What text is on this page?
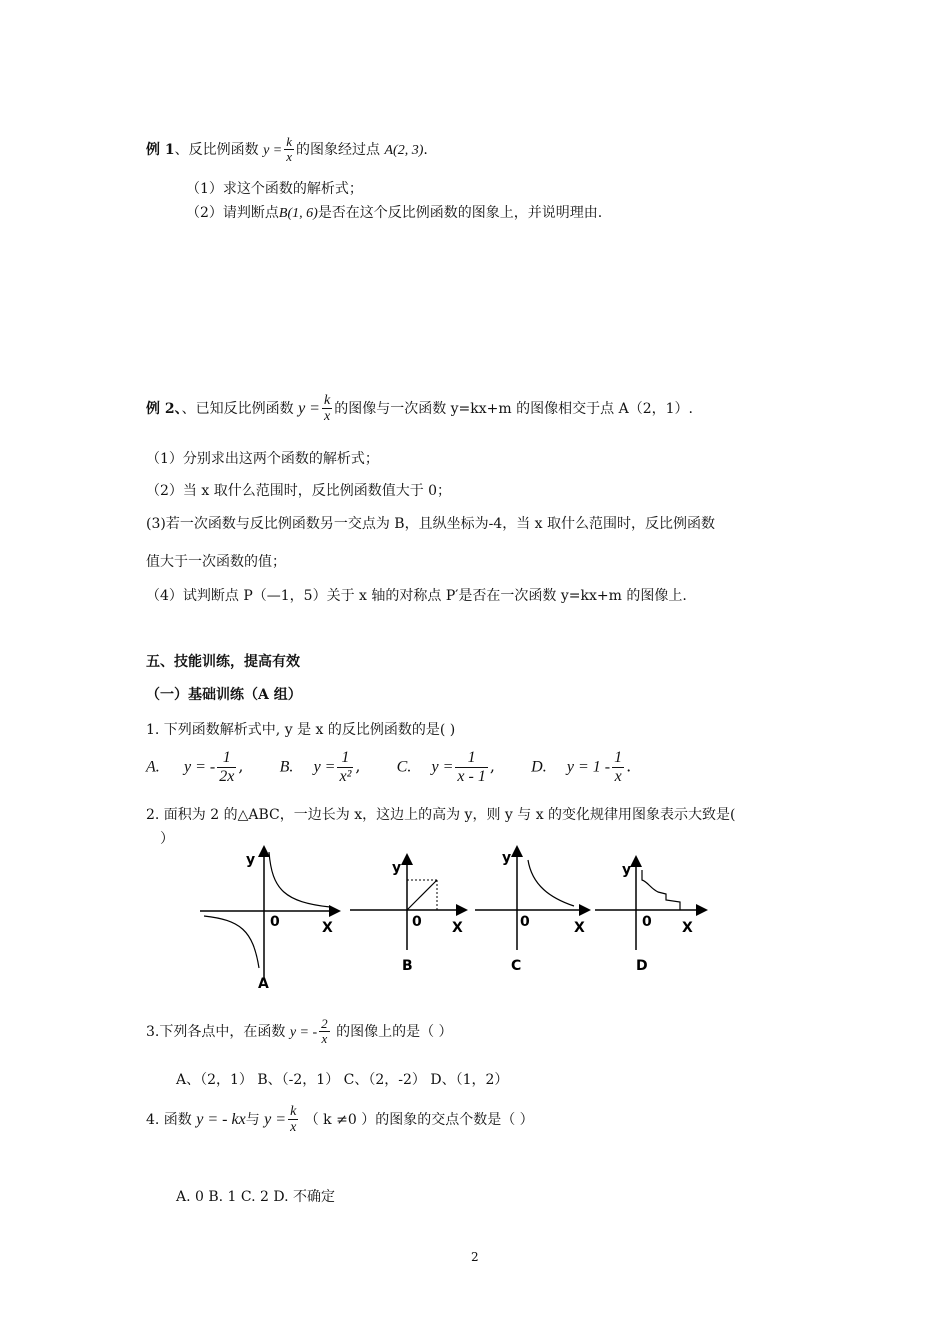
例 1、反比例函数 $y = \frac{k}{x}$ 的图象经过点 A(2, 3).
（1）求这个函数的解析式；
（2）请判断点B(1, 6)是否在这个反比例函数的图象上，并说明理由.
例 2、、已知反比例函数 $y = \frac{k}{x}$ 的图像与一次函数 y=kx+m 的图像相交于点 A（2，1）.
（1）分别求出这两个函数的解析式；
（2）当 x 取什么范围时，反比例函数值大于 0；
(3)若一次函数与反比例函数另一交点为 B，且纵坐标为-4，当 x 取什么范围时，反比例函数
值大于一次函数的值；
（4）试判断点 P（—1，5）关于 x 轴的对称点 P′是否在一次函数 y=kx+m 的图像上.
五、技能训练，提高有效
（一）基础训练（A 组）
1. 下列函数解析式中, y 是 x 的反比例函数的是( )
A. y = - $\frac{1}{2x}$ , B. $y = \frac{1}{\text{x²}}$ , C. $y = \frac{1}{x - 1}$ , D. $y = 1 - \frac{1}{x}$ .
2. 面积为 2 的△ABC，一边长为 x，这边上的高为 y，则 y 与 x 的变化规律用图象表示大致是(
）
y
0	X
A
y
0 X
B
y
0	X
C
y
0 X
D
3.下列各点中，在函数 y = - $\frac{2}{x}$ 的图像上的是（ ）
A、（2，1） B、（-2，1） C、（2，-2） D、（1，2）
4. 函数 y = - kx与 $y = \frac{k}{x}$ （ k ≠0 ）的图象的交点个数是（ ）
A. 0 B. 1 C. 2 D. 不确定
2
